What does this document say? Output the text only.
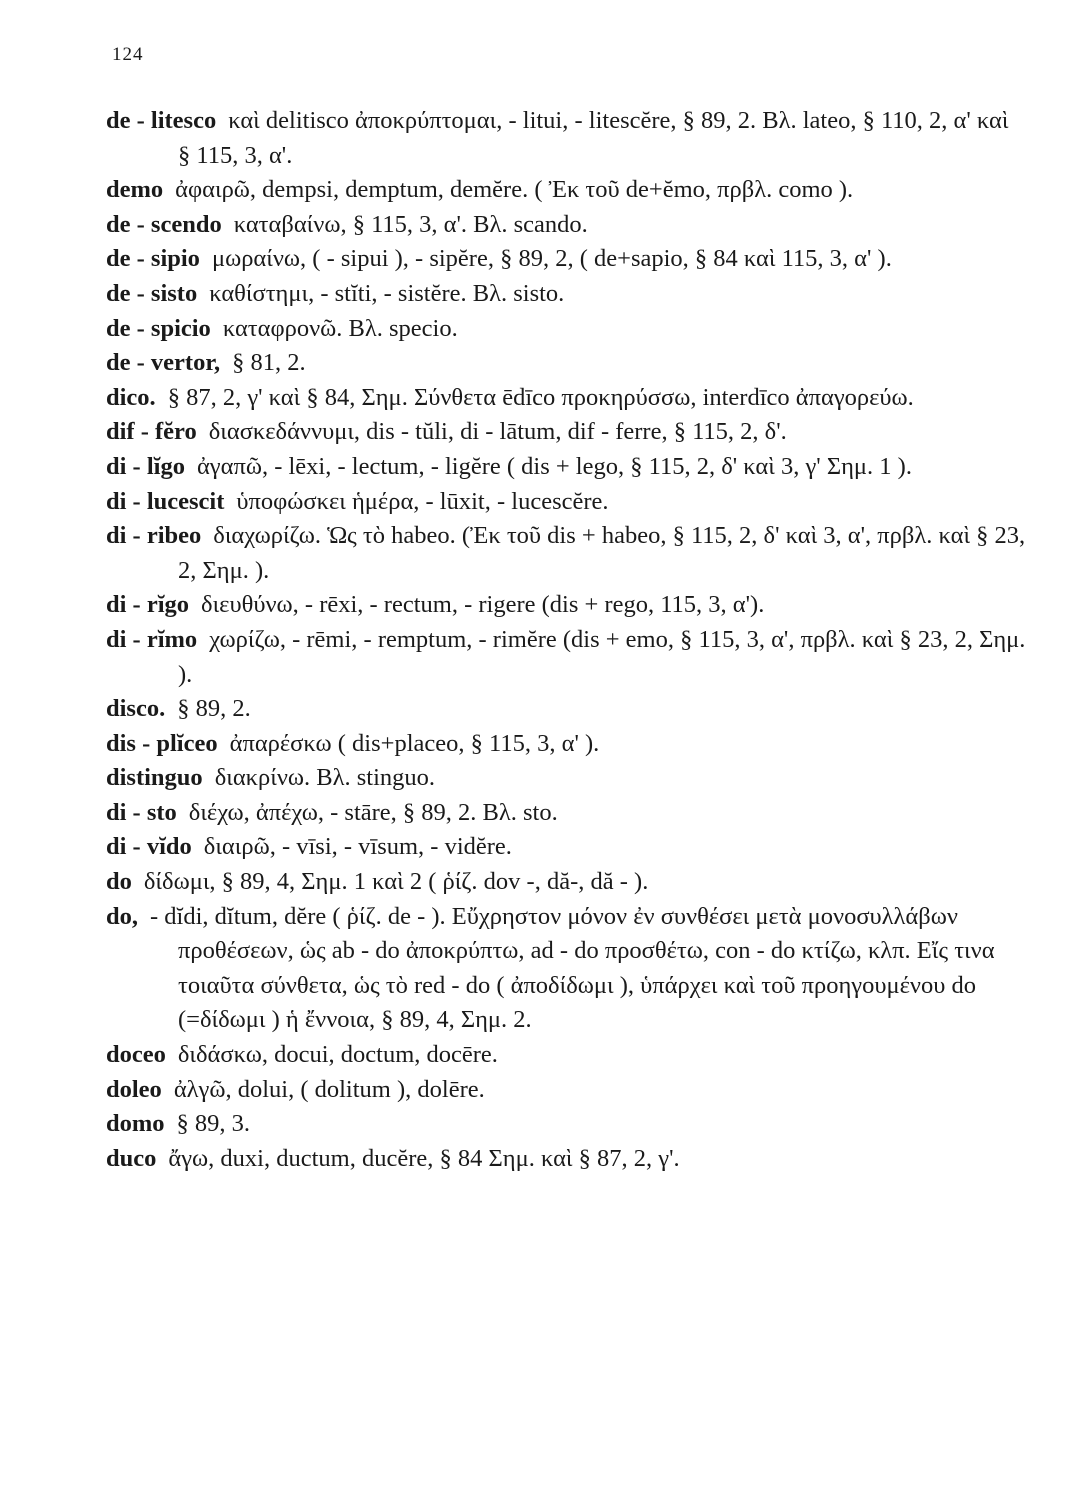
124

de - litesco καὶ delitisco ἀποκρύπτομαι, - litui, - litescĕre, § 89, 2. Βλ. lateo, § 110, 2, α' καὶ § 115, 3, α'.

demo ἀφαιρῶ, dempsi, demptum, demĕre. ( Ἐκ τοῦ de+ĕmo, πρβλ. como ).

de - scendo καταβαίνω, § 115, 3, α'. Βλ. scando.

de - sipio μωραίνω, ( - sipui ), - sipĕre, § 89, 2, ( de+sapio, § 84 καὶ 115, 3, α' ).

de - sisto καθίστημι, - stĭti, - sistĕre. Βλ. sisto.

de - spicio καταφρονῶ. Βλ. specio.

de - vertor, § 81, 2.

dico. § 87, 2, γ' καὶ § 84, Σημ. Σύνθετα ēdīco προκηρύσσω, interdīco ἀπαγορεύω.

dif - fĕro διασκεδάννυμι, dis - tŭli, di - lātum, dif - ferre, § 115, 2, δ'.

di - lĭgo ἀγαπῶ, - lēxi, - lectum, - ligĕre ( dis + lego, § 115, 2, δ' καὶ 3, γ' Σημ. 1 ).

di - lucescit ὑποφώσκει ἡμέρα, - lūxit, - lucescĕre.

di - ribeo διαχωρίζω. Ὡς τὸ habeo. (Ἐκ τοῦ dis + habeo, § 115, 2, δ' καὶ 3, α', πρβλ. καὶ § 23, 2, Σημ. ).

di - rĭgo διευθύνω, - rēxi, - rectum, - rigere (dis + rego, 115, 3, α').

di - rĭmo χωρίζω, - rēmi, - remptum, - rimĕre (dis + emo, § 115, 3, α', πρβλ. καὶ § 23, 2, Σημ. ).

disco. § 89, 2.

dis - plĭceo ἀπαρέσκω ( dis+placeo, § 115, 3, α' ).

distinguo διακρίνω. Βλ. stinguo.

di - sto διέχω, ἀπέχω, - stāre, § 89, 2. Βλ. sto.

di - vĭdo διαιρῶ, - vīsi, - vīsum, - vidĕre.

do δίδωμι, § 89, 4, Σημ. 1 καὶ 2 ( ῥίζ. dov -, dă-, dă - ).

do, - dĭdi, dĭtum, dĕre ( ῥίζ. de - ). Εὔχρηστον μόνον ἐν συνθέσει μετὰ μονοσυλλάβων προθέσεων, ὡς ab - do ἀποκρύπτω, ad - do προσθέτω, con - do κτίζω, κλπ. Εἴς τινα τοιαῦτα σύνθετα, ὡς τὸ red - do ( ἀποδίδωμι ), ὑπάρχει καὶ τοῦ προηγουμένου do (=δίδωμι ) ἡ ἔννοια, § 89, 4, Σημ. 2.

doceo διδάσκω, docui, doctum, docēre.

doleo ἀλγῶ, dolui, ( dolitum ), dolēre.

domo § 89, 3.

duco ἄγω, duxi, ductum, ducĕre, § 84 Σημ. καὶ § 87, 2, γ'.
